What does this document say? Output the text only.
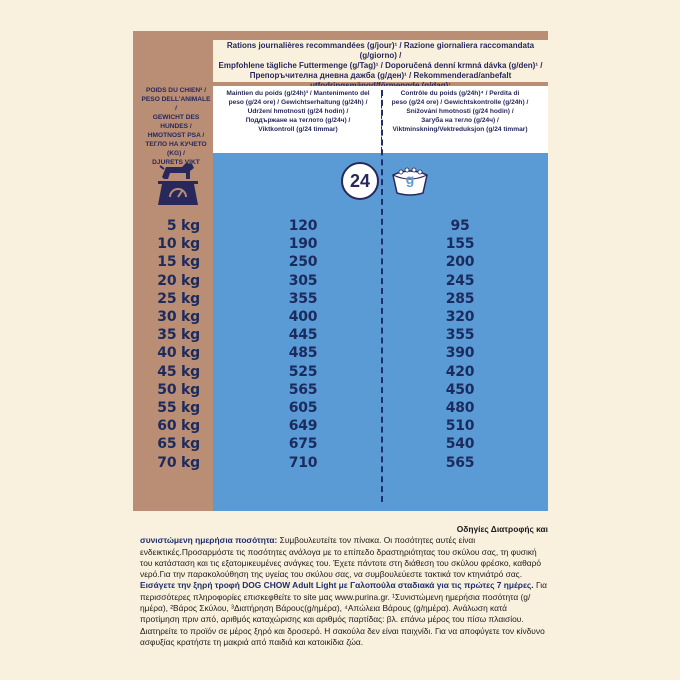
Rations journalières recommandées (g/jour)¹ / Razione giornaliera raccomandata (g/giorno) /
Empfohlene tägliche Futtermenge (g/Tag)¹ / Doporučená denní krmná dávka (g/den)¹ /
Препоръчителна дневна дажба (g/ден)¹ / Rekommenderad/anbefalt
POIDS DU CHIEN² /
PESO DELL'ANIMALE /
GEWICHT DES HUNDES /
HMOTNOST PSA /
ТЕГЛО НА КУЧЕТО (KG) /
DJURETS VIKT
Maintien du poids (g/24h)³ / Mantenimento del
peso (g/24 ore) / Gewichtserhaltung (g/24h) /
Udržení hmotnosti (g/24 hodin) /
Поддържане на теглото (g/24ч) /
Viktkontroll (g/24 timmar)
Contrôle du poids (g/24h)⁴ / Perdita di
peso (g/24 ore) / Gewichtskontrolle (g/24h) /
Snižování hmotnosti (g/24 hodin) /
Загуба на тегло (g/24ч) /
Viktminskning/Vektreduksjon (g/24 timmar)
24	g
5 kg	120	95
10 kg	190	155
15 kg	250	200
20 kg	305	245
25 kg	355	285
30 kg	400	320
35 kg	445	355
40 kg	485	390
45 kg	525	420
50 kg	565	450
55 kg	605	480
60 kg	649	510
65 kg	675	540
70 kg	710	565
Οδηγίες Διατροφής και
συνιστώμενη ημερήσια ποσότητα: Συμβουλευτείτε τον πίνακα. Οι ποσότητες αυτές είναι ενδεικτικές.Προσαρμόστε τις ποσότητες ανάλογα με το επίπεδο δραστηριότητας του σκύλου σας, τη φυσική του κατάσταση και τις εξατομικευμένες ανάγκες του. Έχετε πάντοτε στη διάθεση του σκύλου φρέσκο, καθαρό νερό.Για την παρακολούθηση της υγείας του σκύλου σας, να συμβουλεύεστε τακτικά τον κτηνιάτρό σας. Εισάγετε την ξηρή τροφή DOG CHOW Adult Light με Γαλοπούλα σταδιακά για τις πρώτες 7 ημέρες. Για περισσότερες πληροφορίες επισκεφθείτε το site μας www.purina.gr. ¹Συνιστώμενη ημερήσια ποσότητα (g/ ημέρα), ²Βάρος Σκύλου, ³Διατήρηση Βάρους(g/ημέρα), ⁴Απώλεια Βάρους (g/ημέρα). Ανάλωση κατά προτίμηση πριν από, αριθμός καταχώρισης και αριθμός παρτίδας: βλ. επάνω μέρος του πίσω πλαισίου. Διατηρείτε το προϊόν σε μέρος ξηρό και δροσερό. Η σακούλα δεν είναι παιχνίδι. Για να αποφύγετε τον κίνδυνο ασφυξίας κρατήστε τη μακριά από παιδιά και κατοικίδια ζώα.
